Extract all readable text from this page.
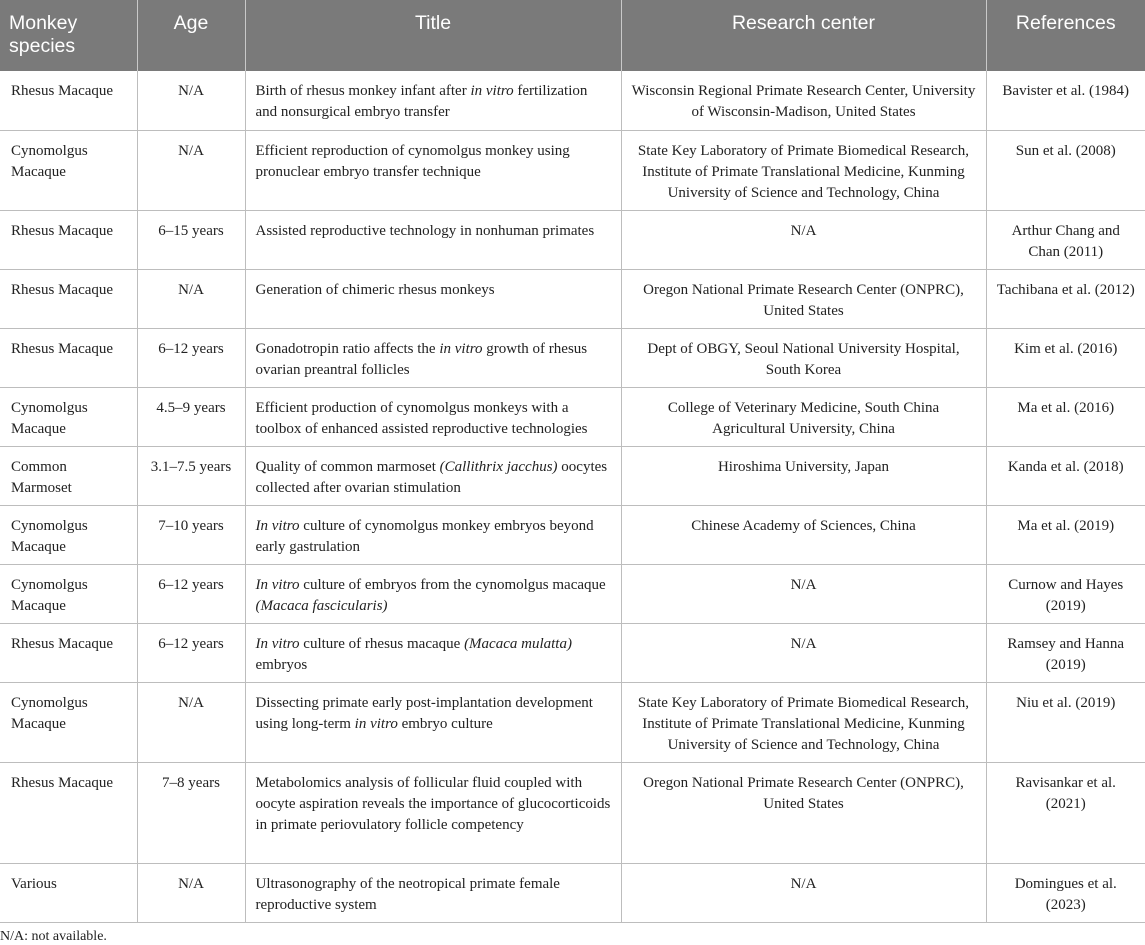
Monkey species	Age	Title	Research center	References
Rhesus Macaque	N/A	Birth of rhesus monkey infant after in vitro fertilization and nonsurgical embryo transfer	Wisconsin Regional Primate Research Center, University of Wisconsin-Madison, United States	Bavister et al. (1984)
Cynomolgus Macaque	N/A	Efficient reproduction of cynomolgus monkey using pronuclear embryo transfer technique	State Key Laboratory of Primate Biomedical Research, Institute of Primate Translational Medicine, Kunming University of Science and Technology, China	Sun et al. (2008)
Rhesus Macaque	6–15 years	Assisted reproductive technology in nonhuman primates	N/A	Arthur Chang and Chan (2011)
Rhesus Macaque	N/A	Generation of chimeric rhesus monkeys	Oregon National Primate Research Center (ONPRC), United States	Tachibana et al. (2012)
Rhesus Macaque	6–12 years	Gonadotropin ratio affects the in vitro growth of rhesus ovarian preantral follicles	Dept of OBGY, Seoul National University Hospital, South Korea	Kim et al. (2016)
Cynomolgus Macaque	4.5–9 years	Efficient production of cynomolgus monkeys with a toolbox of enhanced assisted reproductive technologies	College of Veterinary Medicine, South China Agricultural University, China	Ma et al. (2016)
Common Marmoset	3.1–7.5 years	Quality of common marmoset (Callithrix jacchus) oocytes collected after ovarian stimulation	Hiroshima University, Japan	Kanda et al. (2018)
Cynomolgus Macaque	7–10 years	In vitro culture of cynomolgus monkey embryos beyond early gastrulation	Chinese Academy of Sciences, China	Ma et al. (2019)
Cynomolgus Macaque	6–12 years	In vitro culture of embryos from the cynomolgus macaque (Macaca fascicularis)	N/A	Curnow and Hayes (2019)
Rhesus Macaque	6–12 years	In vitro culture of rhesus macaque (Macaca mulatta) embryos	N/A	Ramsey and Hanna (2019)
Cynomolgus Macaque	N/A	Dissecting primate early post-implantation development using long-term in vitro embryo culture	State Key Laboratory of Primate Biomedical Research, Institute of Primate Translational Medicine, Kunming University of Science and Technology, China	Niu et al. (2019)
Rhesus Macaque	7–8 years	Metabolomics analysis of follicular fluid coupled with oocyte aspiration reveals the importance of glucocorticoids in primate periovulatory follicle competency	Oregon National Primate Research Center (ONPRC), United States	Ravisankar et al. (2021)
Various	N/A	Ultrasonography of the neotropical primate female reproductive system	N/A	Domingues et al. (2023)
N/A: not available.
